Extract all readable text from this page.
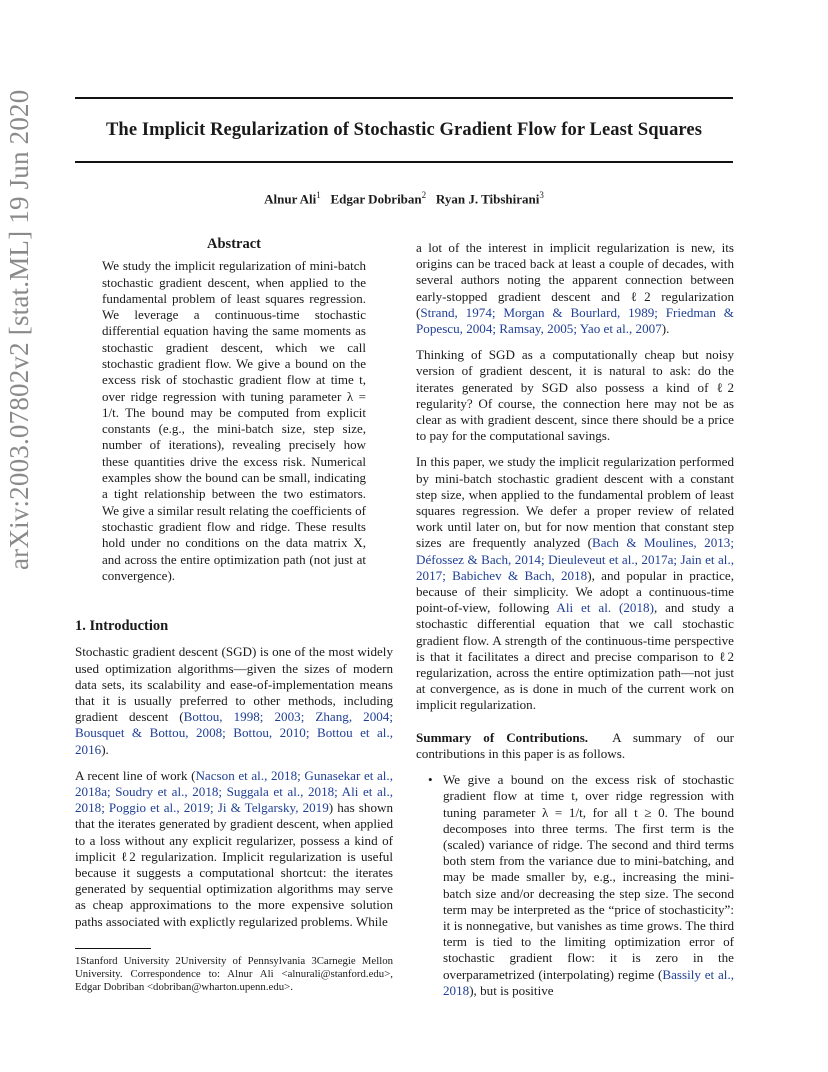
The Implicit Regularization of Stochastic Gradient Flow for Least Squares
Alnur Ali$^1$ Edgar Dobriban$^2$ Ryan J. Tibshirani$^3$
arXiv:2003.07802v2 [stat.ML] 19 Jun 2020	Abstract
We study the implicit regularization of mini-batch stochastic gradient descent, when applied to the fundamental problem of least squares regression. We leverage a continuous-time stochastic differential equation having the same moments as stochastic gradient descent, which we call stochastic gradient flow. We give a bound on the excess risk of stochastic gradient flow at time t, over ridge regression with tuning parameter λ = 1/t. The bound may be computed from explicit constants (e.g., the mini-batch size, step size, number of iterations), revealing precisely how these quantities drive the excess risk. Numerical examples show the bound can be small, indicating a tight relationship between the two estimators. We give a similar result relating the coefficients of stochastic gradient flow and ridge. These results hold under no conditions on the data matrix X, and across the entire optimization path (not just at convergence).
1. Introduction

Stochastic gradient descent (SGD) is one of the most widely used optimization algorithms—given the sizes of modern data sets, its scalability and ease-of-implementation means that it is usually preferred to other methods, including gradient descent (Bottou, 1998; 2003; Zhang, 2004; Bousquet & Bottou, 2008; Bottou, 2010; Bottou et al., 2016).

A recent line of work (Nacson et al., 2018; Gunasekar et al., 2018a; Soudry et al., 2018; Suggala et al., 2018; Ali et al., 2018; Poggio et al., 2019; Ji & Telgarsky, 2019) has shown that the iterates generated by gradient descent, when applied to a loss without any explicit regularizer, possess a kind of implicit ℓ2 regularization. Implicit regularization is useful because it suggests a computational shortcut: the iterates generated by sequential optimization algorithms may serve as cheap approximations to the more expensive solution paths associated with explictly regularized problems. While

1Stanford University 2University of Pennsylvania 3Carnegie Mellon University. Correspondence to: Alnur Ali <alnurali@stanford.edu>, Edgar Dobriban <dobriban@wharton.upenn.edu>.

a lot of the interest in implicit regularization is new, its origins can be traced back at least a couple of decades, with several authors noting the apparent connection between early-stopped gradient descent and ℓ2 regularization (Strand, 1974; Morgan & Bourlard, 1989; Friedman & Popescu, 2004; Ramsay, 2005; Yao et al., 2007).

Thinking of SGD as a computationally cheap but noisy version of gradient descent, it is natural to ask: do the iterates generated by SGD also possess a kind of ℓ2 regularity? Of course, the connection here may not be as clear as with gradient descent, since there should be a price to pay for the computational savings.

In this paper, we study the implicit regularization performed by mini-batch stochastic gradient descent with a constant step size, when applied to the fundamental problem of least squares regression. We defer a proper review of related work until later on, but for now mention that constant step sizes are frequently analyzed (Bach & Moulines, 2013; Défossez & Bach, 2014; Dieuleveut et al., 2017a; Jain et al., 2017; Babichev & Bach, 2018), and popular in practice, because of their simplicity. We adopt a continuous-time point-of-view, following Ali et al. (2018), and study a stochastic differential equation that we call stochastic gradient flow. A strength of the continuous-time perspective is that it facilitates a direct and precise comparison to ℓ2 regularization, across the entire optimization path—not just at convergence, as is done in much of the current work on implicit regularization.

Summary of Contributions. A summary of our contributions in this paper is as follows.

• We give a bound on the excess risk of stochastic gradient flow at time t, over ridge regression with tuning parameter λ = 1/t, for all t ≥ 0. The bound decomposes into three terms. The first term is the (scaled) variance of ridge. The second and third terms both stem from the variance due to mini-batching, and may be made smaller by, e.g., increasing the mini-batch size and/or decreasing the step size. The second term may be interpreted as the “price of stochasticity”: it is nonnegative, but vanishes as time grows. The third term is tied to the limiting optimization error of stochastic gradient flow: it is zero in the overparametrized (interpolating) regime (Bassily et al., 2018), but is positive
